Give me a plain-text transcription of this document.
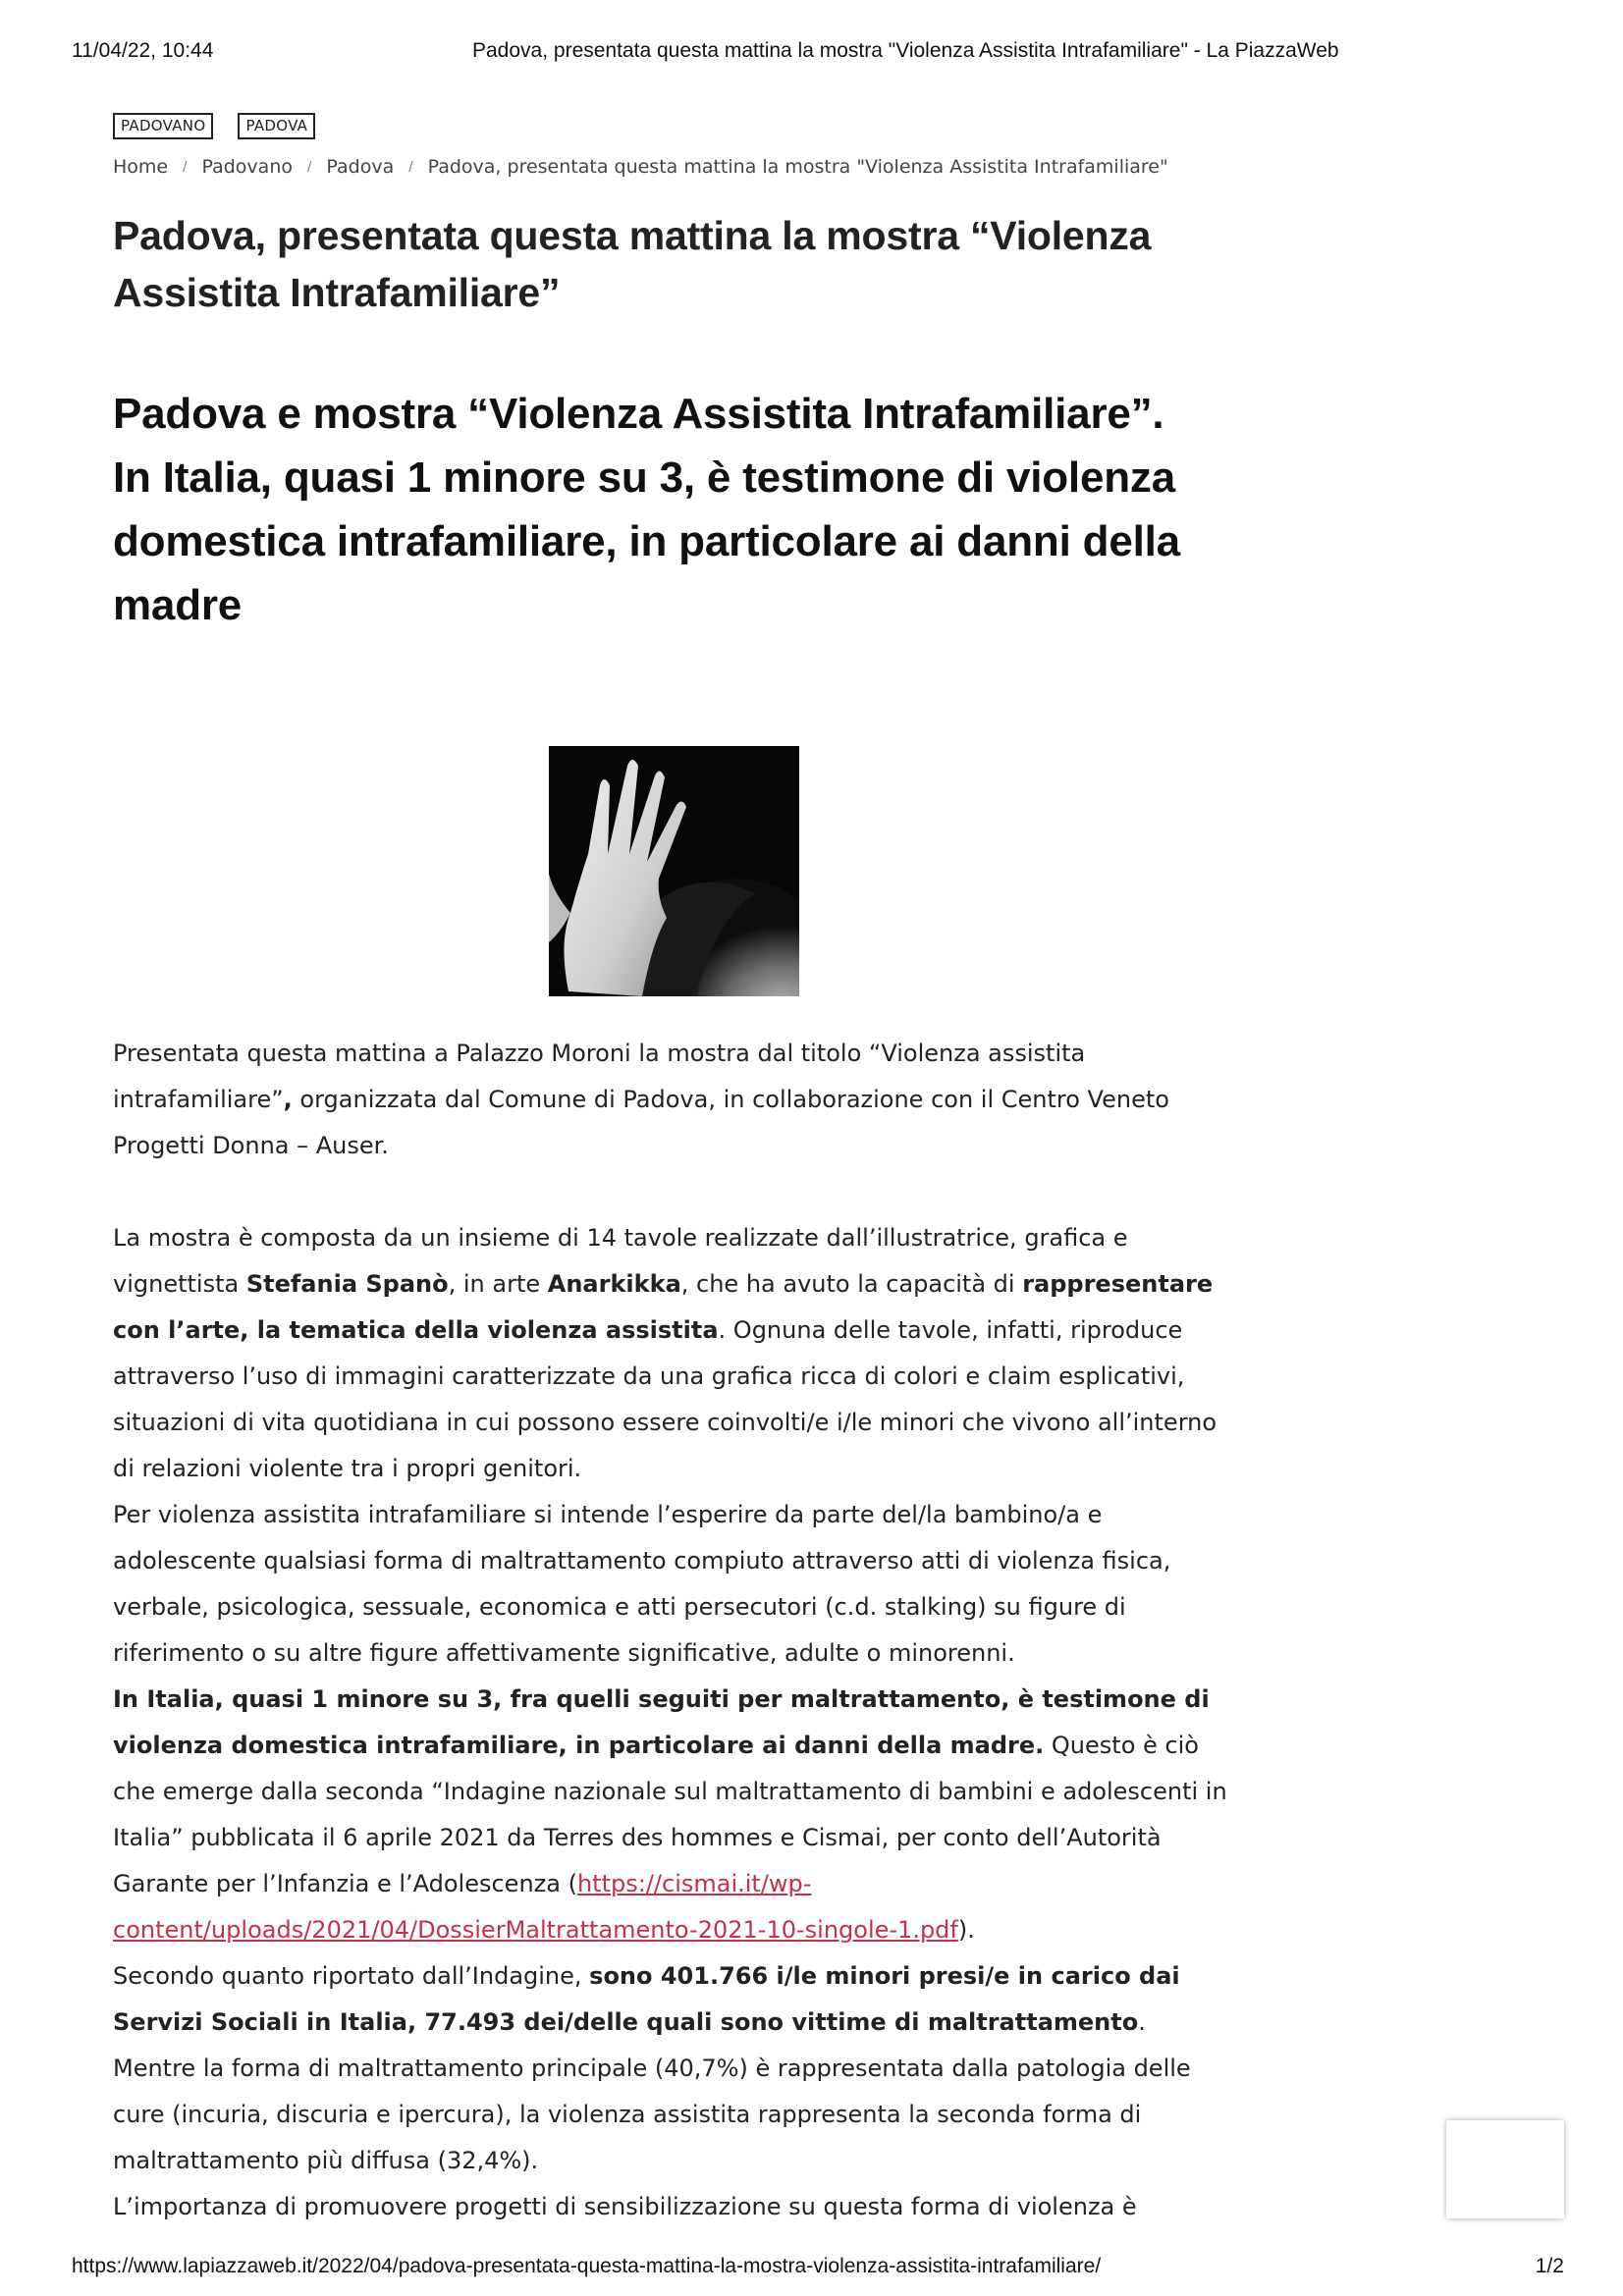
11/04/22, 10:44	Padova, presentata questa mattina la mostra "Violenza Assistita Intrafamiliare" - La PiazzaWeb
PADOVANO	PADOVA
Home / Padovano / Padova / Padova, presentata questa mattina la mostra "Violenza Assistita Intrafamiliare"
Padova, presentata questa mattina la mostra “Violenza Assistita Intrafamiliare”
Padova e mostra “Violenza Assistita Intrafamiliare”. In Italia, quasi 1 minore su 3, è testimone di violenza domestica intrafamiliare, in particolare ai danni della madre

Presentata questa mattina a Palazzo Moroni la mostra dal titolo “Violenza assistita intrafamiliare”, organizzata dal Comune di Padova, in collaborazione con il Centro Veneto Progetti Donna – Auser.

La mostra è composta da un insieme di 14 tavole realizzate dall’illustratrice, grafica e vignettista Stefania Spanò, in arte Anarkikka, che ha avuto la capacità di rappresentare con l’arte, la tematica della violenza assistita. Ognuna delle tavole, infatti, riproduce attraverso l’uso di immagini caratterizzate da una grafica ricca di colori e claim esplicativi, situazioni di vita quotidiana in cui possono essere coinvolti/e i/le minori che vivono all’interno di relazioni violente tra i propri genitori.

Per violenza assistita intrafamiliare si intende l’esperire da parte del/la bambino/a e adolescente qualsiasi forma di maltrattamento compiuto attraverso atti di violenza fisica, verbale, psicologica, sessuale, economica e atti persecutori (c.d. stalking) su figure di riferimento o su altre figure affettivamente significative, adulte o minorenni.

In Italia, quasi 1 minore su 3, fra quelli seguiti per maltrattamento, è testimone di violenza domestica intrafamiliare, in particolare ai danni della madre. Questo è ciò che emerge dalla seconda “Indagine nazionale sul maltrattamento di bambini e adolescenti in Italia” pubblicata il 6 aprile 2021 da Terres des hommes e Cismai, per conto dell’Autorità Garante per l’Infanzia e l’Adolescenza (https://cismai.it/wp-content/uploads/2021/04/DossierMaltrattamento-2021-10-singole-1.pdf).

Secondo quanto riportato dall’Indagine, sono 401.766 i/le minori presi/e in carico dai Servizi Sociali in Italia, 77.493 dei/delle quali sono vittime di maltrattamento. Mentre la forma di maltrattamento principale (40,7%) è rappresentata dalla patologia delle cure (incuria, discuria e ipercura), la violenza assistita rappresenta la seconda forma di maltrattamento più diffusa (32,4%).

L’importanza di promuovere progetti di sensibilizzazione su questa forma di violenza è

https://www.lapiazzaweb.it/2022/04/padova-presentata-questa-mattina-la-mostra-violenza-assistita-intrafamiliare/	1/2
